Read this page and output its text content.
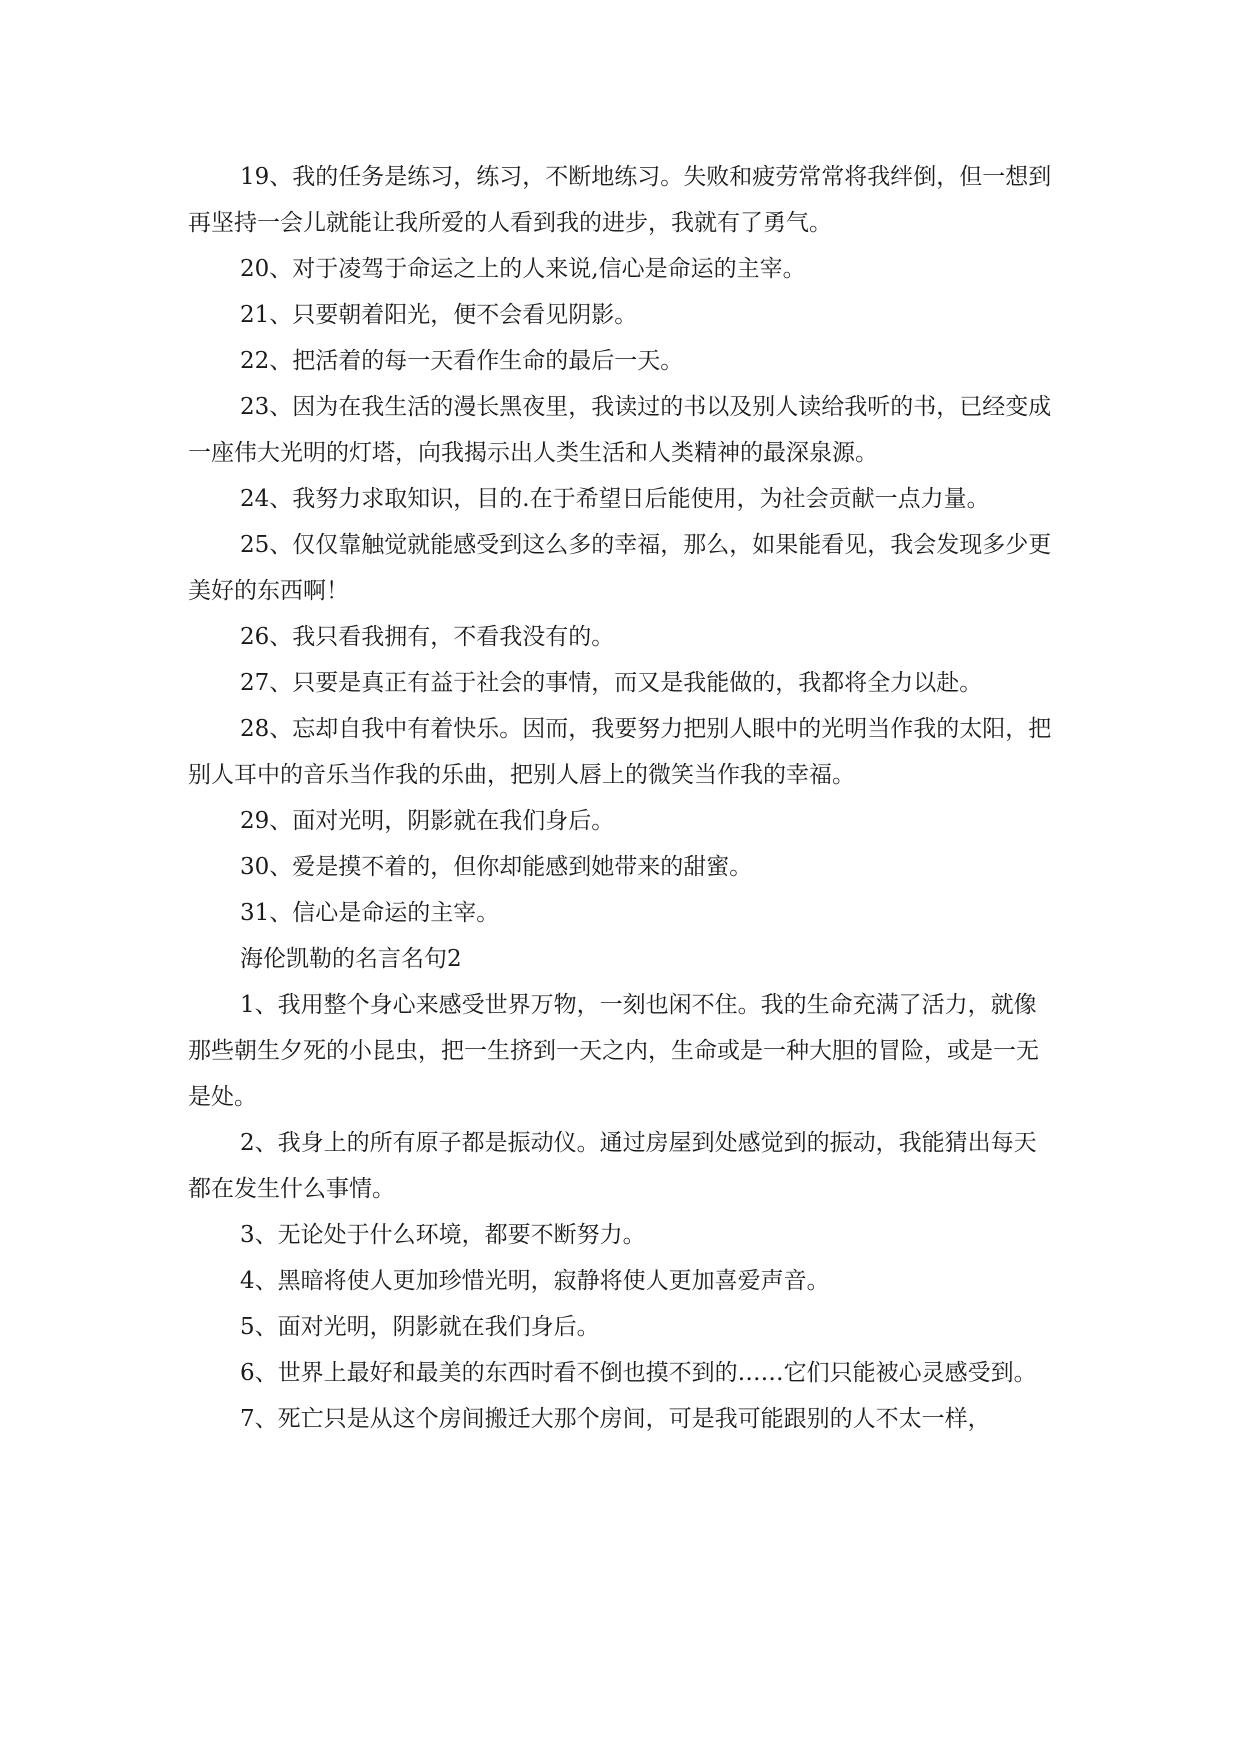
19、我的任务是练习，练习，不断地练习。失败和疲劳常常将我绊倒，但一想到再坚持一会儿就能让我所爱的人看到我的进步，我就有了勇气。

20、对于凌驾于命运之上的人来说,信心是命运的主宰。

21、只要朝着阳光，便不会看见阴影。

22、把活着的每一天看作生命的最后一天。

23、因为在我生活的漫长黑夜里，我读过的书以及别人读给我听的书，已经变成一座伟大光明的灯塔，向我揭示出人类生活和人类精神的最深泉源。

24、我努力求取知识，目的.在于希望日后能使用，为社会贡献一点力量。

25、仅仅靠触觉就能感受到这么多的幸福，那么，如果能看见，我会发现多少更美好的东西啊！

26、我只看我拥有，不看我没有的。

27、只要是真正有益于社会的事情，而又是我能做的，我都将全力以赴。

28、忘却自我中有着快乐。因而，我要努力把别人眼中的光明当作我的太阳，把别人耳中的音乐当作我的乐曲，把别人唇上的微笑当作我的幸福。

29、面对光明，阴影就在我们身后。

30、爱是摸不着的，但你却能感到她带来的甜蜜。

31、信心是命运的主宰。

海伦凯勒的名言名句2

1、我用整个身心来感受世界万物，一刻也闲不住。我的生命充满了活力，就像那些朝生夕死的小昆虫，把一生挤到一天之内，生命或是一种大胆的冒险，或是一无是处。

2、我身上的所有原子都是振动仪。通过房屋到处感觉到的振动，我能猜出每天都在发生什么事情。

3、无论处于什么环境，都要不断努力。

4、黑暗将使人更加珍惜光明，寂静将使人更加喜爱声音。

5、面对光明，阴影就在我们身后。

6、世界上最好和最美的东西时看不倒也摸不到的……它们只能被心灵感受到。

7、死亡只是从这个房间搬迁大那个房间，可是我可能跟别的人不太一样，
